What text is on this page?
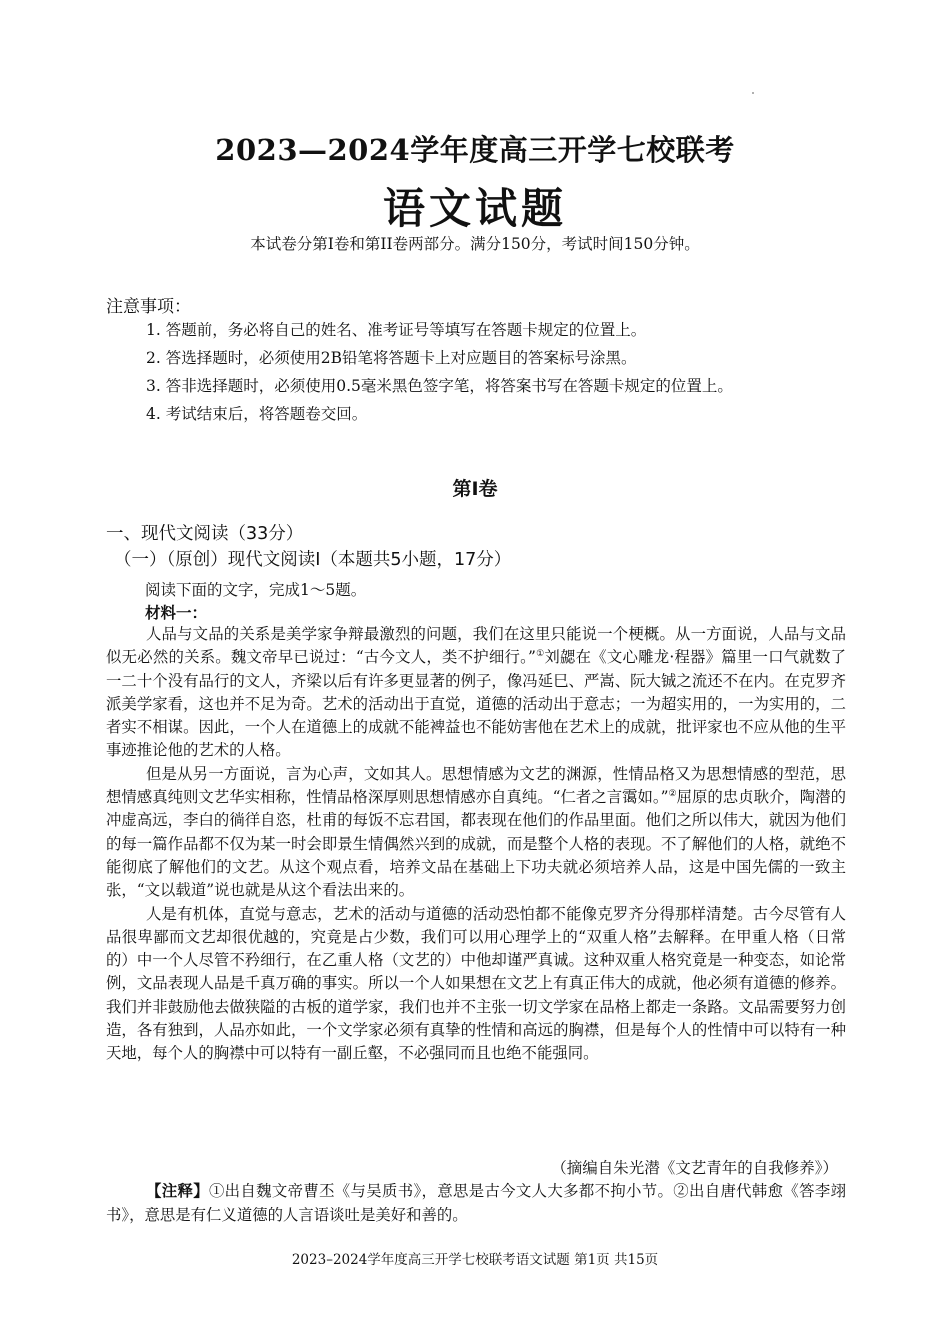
2023—2024学年度高三开学七校联考
语文试题
本试卷分第I卷和第II卷两部分。满分150分，考试时间150分钟。
注意事项：
1. 答题前，务必将自己的姓名、准考证号等填写在答题卡规定的位置上。
2. 答选择题时，必须使用2B铅笔将答题卡上对应题目的答案标号涂黑。
3. 答非选择题时，必须使用0.5毫米黑色签字笔，将答案书写在答题卡规定的位置上。
4. 考试结束后，将答题卷交回。
第I卷
一、现代文阅读（33分）
（一）（原创）现代文阅读I（本题共5小题，17分）
阅读下面的文字，完成1～5题。
材料一：

人品与文品的关系是美学家争辩最激烈的问题，我们在这里只能说一个梗概。从一方面说，人品与文品似无必然的关系。魏文帝早已说过：“古今文人，类不护细行。”①刘勰在《文心雕龙·程器》篇里一口气就数了一二十个没有品行的文人，齐梁以后有许多更显著的例子，像冯延巳、严嵩、阮大铖之流还不在内。在克罗齐派美学家看，这也并不足为奇。艺术的活动出于直觉，道德的活动出于意志；一为超实用的，一为实用的，二者实不相谋。因此，一个人在道德上的成就不能裨益也不能妨害他在艺术上的成就，批评家也不应从他的生平事迹推论他的艺术的人格。

但是从另一方面说，言为心声，文如其人。思想情感为文艺的渊源，性情品格又为思想情感的型范，思想情感真纯则文艺华实相称，性情品格深厚则思想情感亦自真纯。“仁者之言霭如。”②屈原的忠贞耿介，陶潜的冲虚高远，李白的徜徉自恣，杜甫的每饭不忘君国，都表现在他们的作品里面。他们之所以伟大，就因为他们的每一篇作品都不仅为某一时会即景生情偶然兴到的成就，而是整个人格的表现。不了解他们的人格，就绝不能彻底了解他们的文艺。从这个观点看，培养文品在基础上下功夫就必须培养人品，这是中国先儒的一致主张，“文以载道”说也就是从这个看法出来的。

人是有机体，直觉与意志，艺术的活动与道德的活动恐怕都不能像克罗齐分得那样清楚。古今尽管有人品很卑鄙而文艺却很优越的，究竟是占少数，我们可以用心理学上的“双重人格”去解释。在甲重人格（日常的）中一个人尽管不矜细行，在乙重人格（文艺的）中他却谨严真诚。这种双重人格究竟是一种变态，如论常例，文品表现人品是千真万确的事实。所以一个人如果想在文艺上有真正伟大的成就，他必须有道德的修养。我们并非鼓励他去做狭隘的古板的道学家，我们也并不主张一切文学家在品格上都走一条路。文品需要努力创造，各有独到，人品亦如此，一个文学家必须有真挚的性情和高远的胸襟，但是每个人的性情中可以特有一种天地，每个人的胸襟中可以特有一副丘壑，不必强同而且也绝不能强同。

（摘编自朱光潜《文艺青年的自我修养》）
【注释】①出自魏文帝曹丕《与吴质书》，意思是古今文人大多都不拘小节。②出自唐代韩愈《答李翊书》，意思是有仁义道德的人言语谈吐是美好和善的。
2023–2024学年度高三开学七校联考语文试题 第1页 共15页
